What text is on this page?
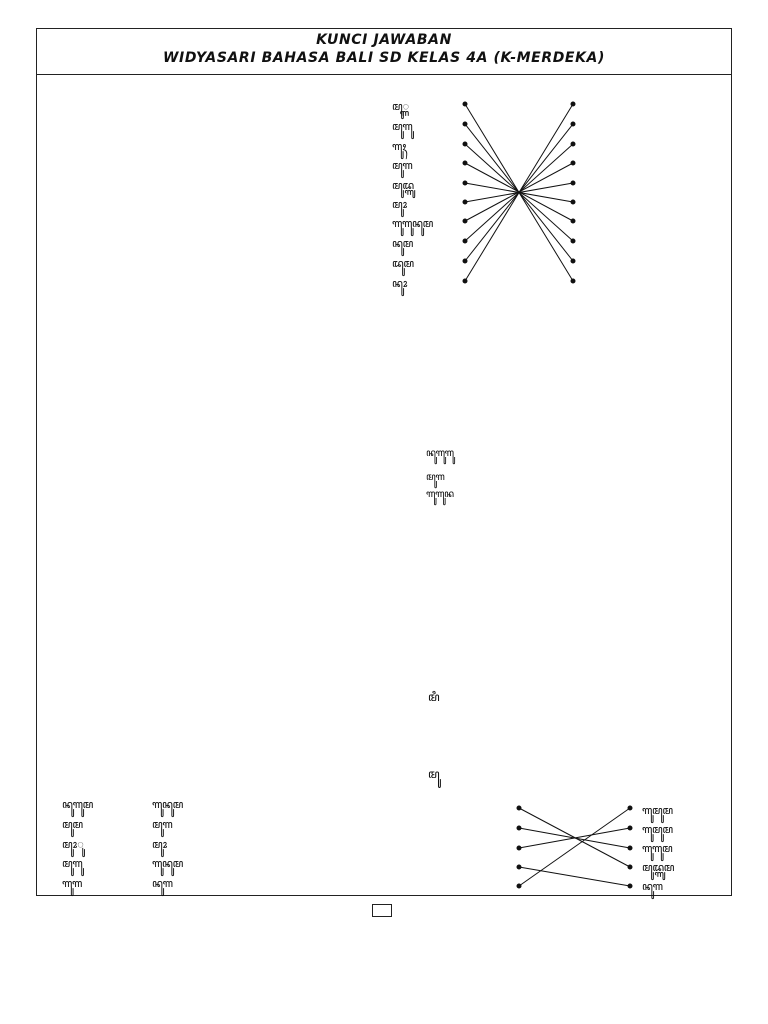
KUNCI JAWABAN
WIDYASARI BAHASA BALI SD KELAS 4A (K-MERDEKA)
ꦩꦸ꧀ꦒ
ꦩꦸꦒꦸ
ꦒꦸꦃ
ꦩꦸꦒ
ꦩꦸꦢ꧀ꦒꦸ
ꦩꦸꦴ
ꦒꦸꦒꦸꦤꦸꦩ
ꦤꦸꦩ
ꦢꦸꦩ
ꦤꦸꦴ
ꦤꦸꦒꦸꦒꦸ
ꦩꦸꦒ
ꦒꦸꦒꦸꦤ
ꦩꦶ
ꦩꦸ
ꦤꦸꦒꦸꦩ
ꦩꦸꦩ
ꦩꦸꦴꦸ
ꦩꦸꦒꦸ
ꦒꦸꦒ
ꦒꦸꦤꦸꦩ
ꦩꦸꦒ
ꦩꦸꦴ
ꦒꦸꦤꦸꦩ
ꦤꦸꦒ
ꦒꦸꦩꦸꦩ
ꦒꦸꦩꦸꦩ
ꦒꦸꦒꦸꦩ
ꦩꦸꦢ꧀ꦒꦸꦩ
ꦤꦸꦒ
